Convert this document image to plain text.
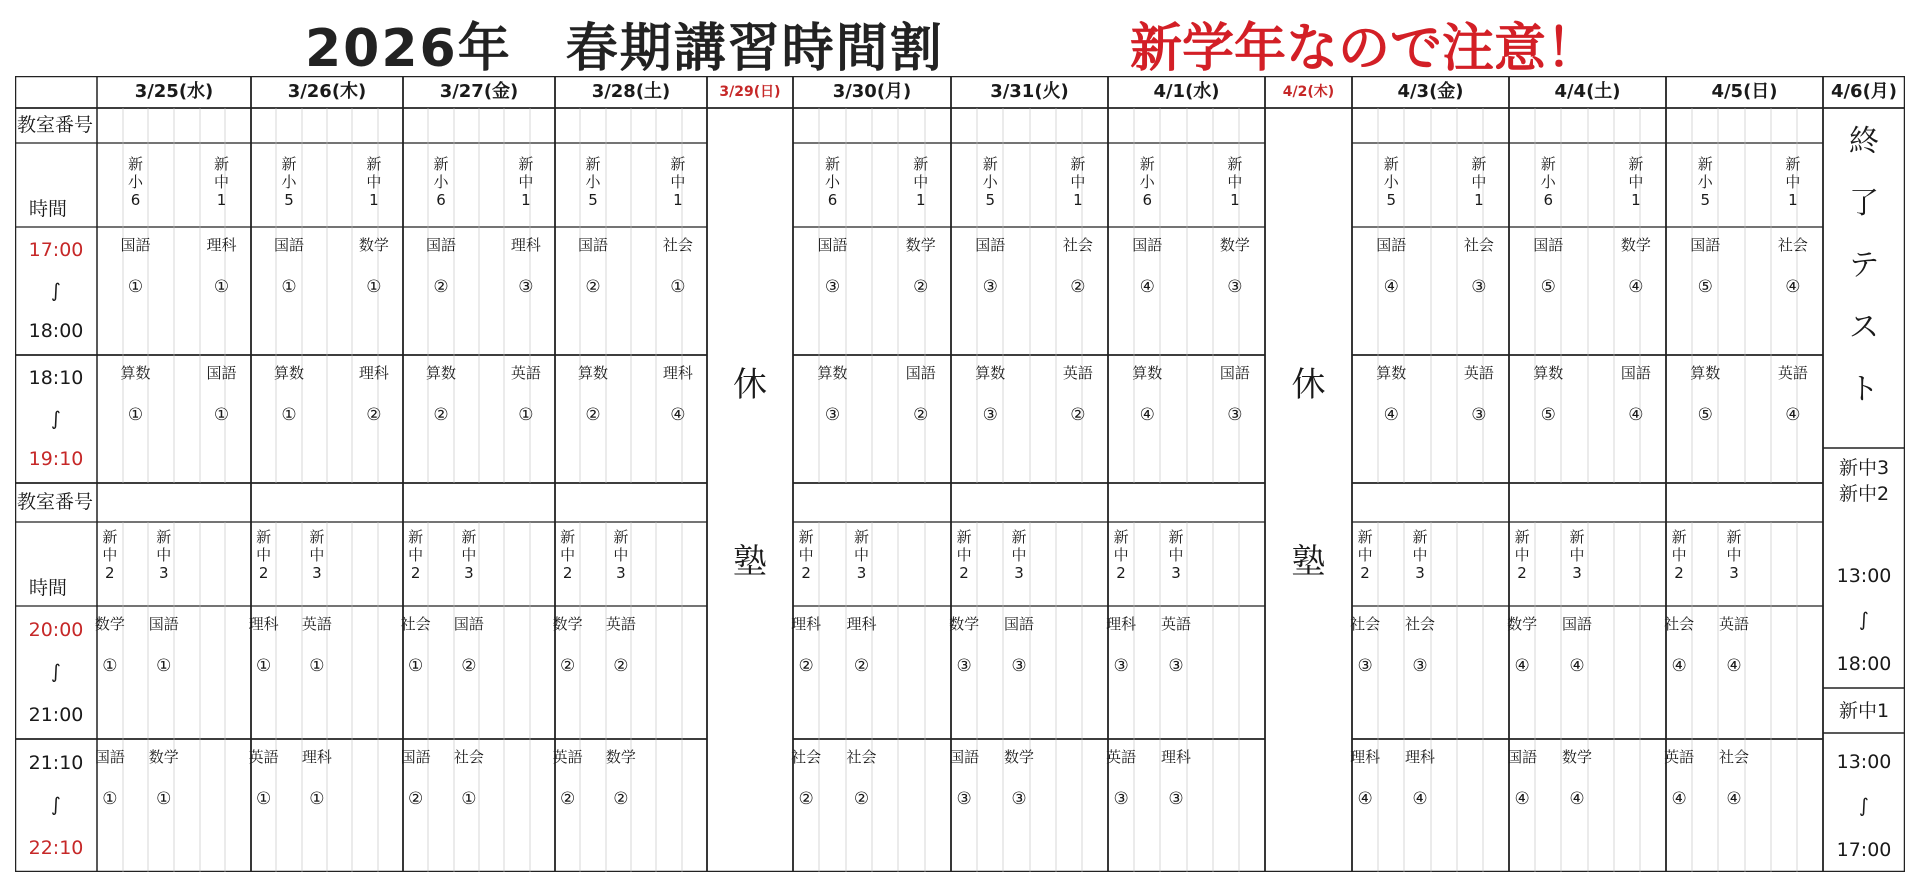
2026年　春期講習時間割	新学年なので注意！
教室番号
時間
17:00
∫
18:00
18:10
∫
19:10
教室番号
時間
20:00
∫
21:00
21:10
∫
22:10
3/25(水)
新
小
6
新
中
1
新
中
2
新
中
3
国語
①
理科
①
算数
①
国語
①
数学
①
国語
①
国語
①
数学
①
3/26(木)
新
小
5
新
中
1
新
中
2
新
中
3
国語
①
数学
①
算数
①
理科
②
理科
①
英語
①
英語
①
理科
①
3/27(金)
新
小
6
新
中
1
新
中
2
新
中
3
国語
②
理科
③
算数
②
英語
①
社会
①
国語
②
国語
②
社会
①
3/28(土)
新
小
5
新
中
1
新
中
2
新
中
3
国語
②
社会
①
算数
②
理科
④
数学
②
英語
②
英語
②
数学
②
3/29(日)
休
塾
3/30(月)
新
小
6
新
中
1
新
中
2
新
中
3
国語
③
数学
②
算数
③
国語
②
理科
②
理科
②
社会
②
社会
②
3/31(火)
新
小
5
新
中
1
新
中
2
新
中
3
国語
③
社会
②
算数
③
英語
②
数学
③
国語
③
国語
③
数学
③
4/1(水)
新
小
6
新
中
1
新
中
2
新
中
3
国語
④
数学
③
算数
④
国語
③
理科
③
英語
③
英語
③
理科
③
4/2(木)
休
塾
4/3(金)
新
小
5
新
中
1
新
中
2
新
中
3
国語
④
社会
③
算数
④
英語
③
社会
③
社会
③
理科
④
理科
④
4/4(土)
新
小
6
新
中
1
新
中
2
新
中
3
国語
⑤
数学
④
算数
⑤
国語
④
数学
④
国語
④
国語
④
数学
④
4/5(日)
新
小
5
新
中
1
新
中
2
新
中
3
国語
⑤
社会
④
算数
⑤
英語
④
社会
④
英語
④
英語
④
社会
④
4/6(月)
終
了
テ
ス
ト
新中3
新中2
13:00
∫
18:00
新中1
13:00
∫
17:00
